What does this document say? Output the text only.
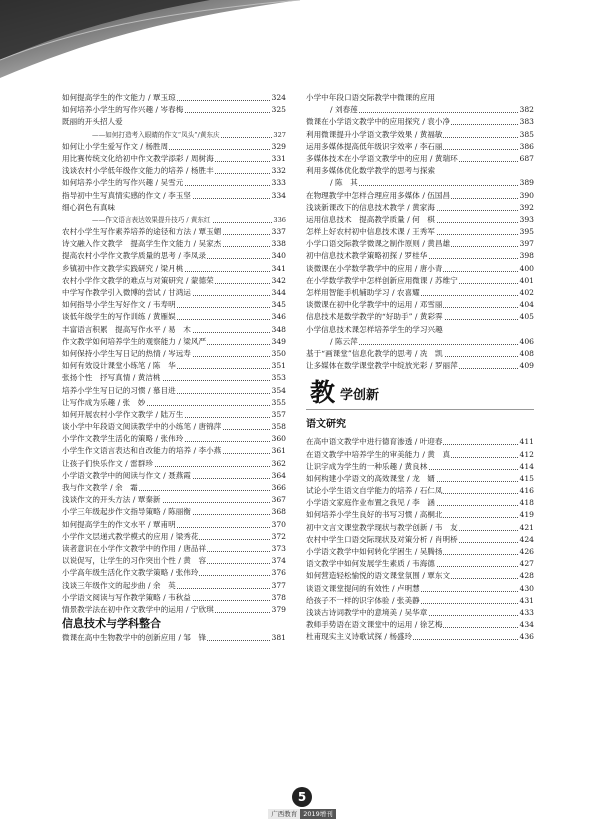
如何提高学生的作文能力 / 覃玉琼	324
如何培养小学生的写作兴趣 / 岑春梅	325
既丽的开头招人爱
——如何打造考入眼睛的作文“凤头”/黄东庆	327
如何让小学生爱写作文 / 杨胜周	329
用比赛传统文化给初中作文教学添彩 / 周树海	331
浅谈农村小学低年级作文能力的培养 / 杨胜丰	332
如何培养小学生的写作兴趣 / 吴雪元	333
指导初中生写真情实感的作文 / 李玉坚	334
细心润色有真味
——作文语言表达效果提升技巧 / 黄东红	336
农村小学生写作素养培养的途径和方法 / 覃玉媚	337
诗文融入作文教学　提高学生作文能力 / 吴家杰	338
提高农村小学作文教学质量的思考 / 李凤录	340
乡镇初中作文教学实践研究 / 梁月桃	341
农村小学作文教学的难点与对策研究 / 蒙德荣	342
中学写作教学引入微博的尝试 / 甘鸿运	344
如何指导小学生写好作文 / 韦寿明	345
谈低年级学生的写作训练 / 黄雁娱	346
丰富语言积累　提高写作水平 / 易　木	348
作文教学如何培养学生的观察能力 / 梁风严	349
如何保持小学生写日记的热情 / 岑远寿	350
如何有效设计课堂小练笔 / 陈　华	351
张扬个性　抒写真情 / 黄洁桃	353
培养小学生写日记的习惯 / 慕目进	354
让写作成为乐趣 / 张　妙	355
如何开展农村小学作文教学 / 陆万生	357
谈小学中年段语文阅读教学中的小练笔 / 唐锦萍	358
小学作文教学生活化的策略 / 张伟玲	360
小学生作文语言表达和自改能力的培养 / 李小燕	361
让孩子们快乐作文 / 雷群珍	362
小学语文教学中的阅读与作文 / 聂燕霞	364
我与作文教学 / 余　霜	366
浅谈作文的开头方法 / 覃秦新	367
小学三年级起步作文指导策略 / 陈丽衡	368
如何提高学生的作文水平 / 覃甫明	370
小学作文层递式教学模式的应用 / 梁秀花	372
读者意识在小学作文教学中的作用 / 唐品祥	373
以说促写，让学生的习作突出个性 / 黄　容	374
小学高年级生活化作文教学策略 / 张伟玲	376
浅谈三年级作文的起步曲 / 余　英	377
小学语文阅读与写作教学策略 / 韦秋益	378
情景教学法在初中作文教学中的运用 / 宁欣琪	379
信息技术与学科整合
微课在高中生物教学中的创新应用 / 邹　锋	381
小学中年段口语交际教学中微课的应用
/ 刘春莲	382
微课在小学语文教学中的应用探究 / 袁小净	383
利用微课提升小学语文教学效果 / 黄福敏	385
运用多媒体提高低年级识字效率 / 李石丽	386
多媒体技术在小学语文教学中的应用 / 黄瑞环	687
利用多媒体优化数学教学的思考与探索
/ 陈　其	389
在物理教学中怎样合理应用多媒体 / 伍国昌	390
浅谈新课改下的信息技术教学 / 黄家海	392
运用信息技术　提高教学质量 / 何　棋	393
怎样上好农村初中信息技术课 / 王秀军	395
小学口语交际教学微课之制作原则 / 黄昌雄	397
初中信息技术教学策略初探 / 罗桂华	398
谈微课在小学数学教学中的应用 / 唐小青	400
在小学数学教学中怎样创新应用微课 / 苏维宁	401
怎样用智能手机辅助学习 / 农喜耀	402
谈微课在初中化学教学中的运用 / 邓雪丽	404
信息技术是数学教学的“好助手” / 黄彩霁	405
小学信息技术课怎样培养学生的学习兴趣
/ 陈云萍	406
基于“画课堂”信息化教学的思考 / 冼　凯	408
让多媒体在数学课堂教学中绽放光彩 / 罗丽萍	409
教 学创新
语文研究
在高中语文教学中进行德育渗透 / 叶迎春	411
在语文教学中培养学生的审美能力 / 黄　真	412
让识字成为学生的一种乐趣 / 黄良林	414
如何构建小学语文的高效课堂 / 龙　婿	415
试论小学生语文自学能力的培养 / 石仁凤	416
小学语文家庭作业布置之我见 / 李　涵	418
如何培养小学生良好的书写习惯 / 高桐北	419
初中文言文课堂教学现状与教学创新 / 韦　友	421
农村中学生口语交际现状及对策分析 / 肖明桥	424
小学语文教学中如何转化学困生 / 吴腾扬	426
语文教学中如何发展学生素质 / 韦海德	427
如何营造轻松愉悦的语文课堂氛围 / 覃东文	428
谈语文课堂提问的有效性 / 卢明慧	430
给孩子不一样的识字体验 / 张美静	431
浅谈古诗词教学中的意境美 / 吴华章	433
教师手势语在语文课堂中的运用 / 徐艺梅	434
杜甫现实主义诗歌试探 / 杨盛玲	436
5
广西教育 2019增刊
